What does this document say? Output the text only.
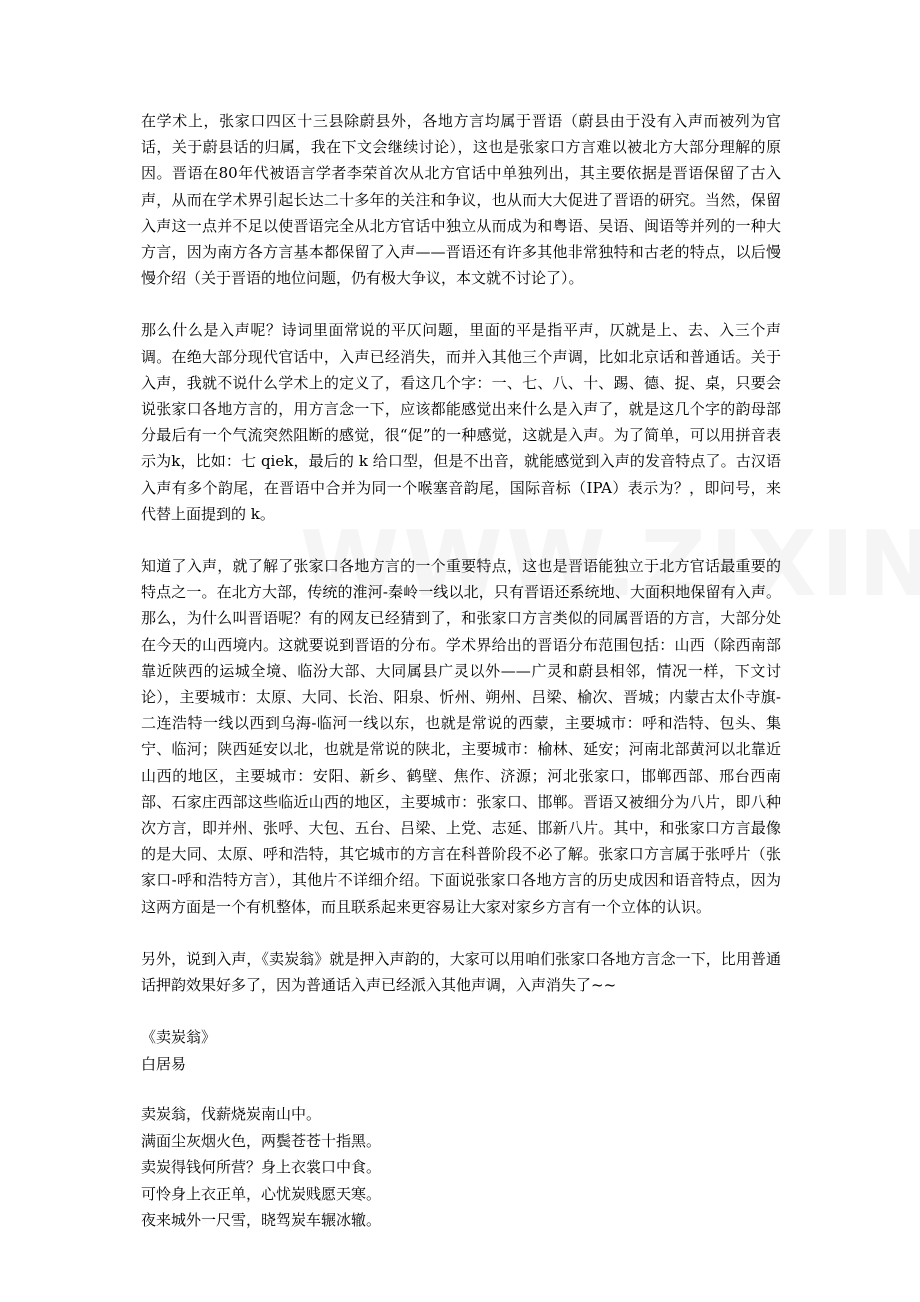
在学术上，张家口四区十三县除蔚县外，各地方言均属于晋语（蔚县由于没有入声而被列为官话，关于蔚县话的归属，我在下文会继续讨论），这也是张家口方言难以被北方大部分理解的原因。晋语在80年代被语言学者李荣首次从北方官话中单独列出，其主要依据是晋语保留了古入声，从而在学术界引起长达二十多年的关注和争议，也从而大大促进了晋语的研究。当然，保留入声这一点并不足以使晋语完全从北方官话中独立从而成为和粤语、吴语、闽语等并列的一种大方言，因为南方各方言基本都保留了入声——晋语还有许多其他非常独特和古老的特点，以后慢慢介绍（关于晋语的地位问题，仍有极大争议，本文就不讨论了）。

那么什么是入声呢？诗词里面常说的平仄问题，里面的平是指平声，仄就是上、去、入三个声调。在绝大部分现代官话中，入声已经消失，而并入其他三个声调，比如北京话和普通话。关于入声，我就不说什么学术上的定义了，看这几个字：一、七、八、十、踢、德、捉、桌，只要会说张家口各地方言的，用方言念一下，应该都能感觉出来什么是入声了，就是这几个字的韵母部分最后有一个气流突然阻断的感觉，很“促”的一种感觉，这就是入声。为了简单，可以用拼音表示为k，比如：七 qiek，最后的 k 给口型，但是不出音，就能感觉到入声的发音特点了。古汉语入声有多个韵尾，在晋语中合并为同一个喉塞音韵尾，国际音标（IPA）表示为？，即问号，来代替上面提到的 k。

知道了入声，就了解了张家口各地方言的一个重要特点，这也是晋语能独立于北方官话最重要的特点之一。在北方大部，传统的淮河-秦岭一线以北，只有晋语还系统地、大面积地保留有入声。那么，为什么叫晋语呢？有的网友已经猜到了，和张家口方言类似的同属晋语的方言，大部分处在今天的山西境内。这就要说到晋语的分布。学术界给出的晋语分布范围包括：山西（除西南部靠近陕西的运城全境、临汾大部、大同属县广灵以外——广灵和蔚县相邻，情况一样，下文讨论），主要城市：太原、大同、长治、阳泉、忻州、朔州、吕梁、榆次、晋城；内蒙古太仆寺旗-二连浩特一线以西到乌海-临河一线以东，也就是常说的西蒙，主要城市：呼和浩特、包头、集宁、临河；陕西延安以北，也就是常说的陕北，主要城市：榆林、延安；河南北部黄河以北靠近山西的地区，主要城市：安阳、新乡、鹤壁、焦作、济源；河北张家口，邯郸西部、邢台西南部、石家庄西部这些临近山西的地区，主要城市：张家口、邯郸。晋语又被细分为八片，即八种次方言，即并州、张呼、大包、五台、吕梁、上党、志延、邯新八片。其中，和张家口方言最像的是大同、太原、呼和浩特，其它城市的方言在科普阶段不必了解。张家口方言属于张呼片（张家口-呼和浩特方言），其他片不详细介绍。下面说张家口各地方言的历史成因和语音特点，因为这两方面是一个有机整体，而且联系起来更容易让大家对家乡方言有一个立体的认识。

另外，说到入声，《卖炭翁》就是押入声韵的，大家可以用咱们张家口各地方言念一下，比用普通话押韵效果好多了，因为普通话入声已经派入其他声调，入声消失了~~

《卖炭翁》
白居易
卖炭翁，伐薪烧炭南山中。
满面尘灰烟火色，两鬓苍苍十指黑。
卖炭得钱何所营？身上衣裳口中食。
可怜身上衣正单，心忧炭贱愿天寒。
夜来城外一尺雪，晓驾炭车辗冰辙。
